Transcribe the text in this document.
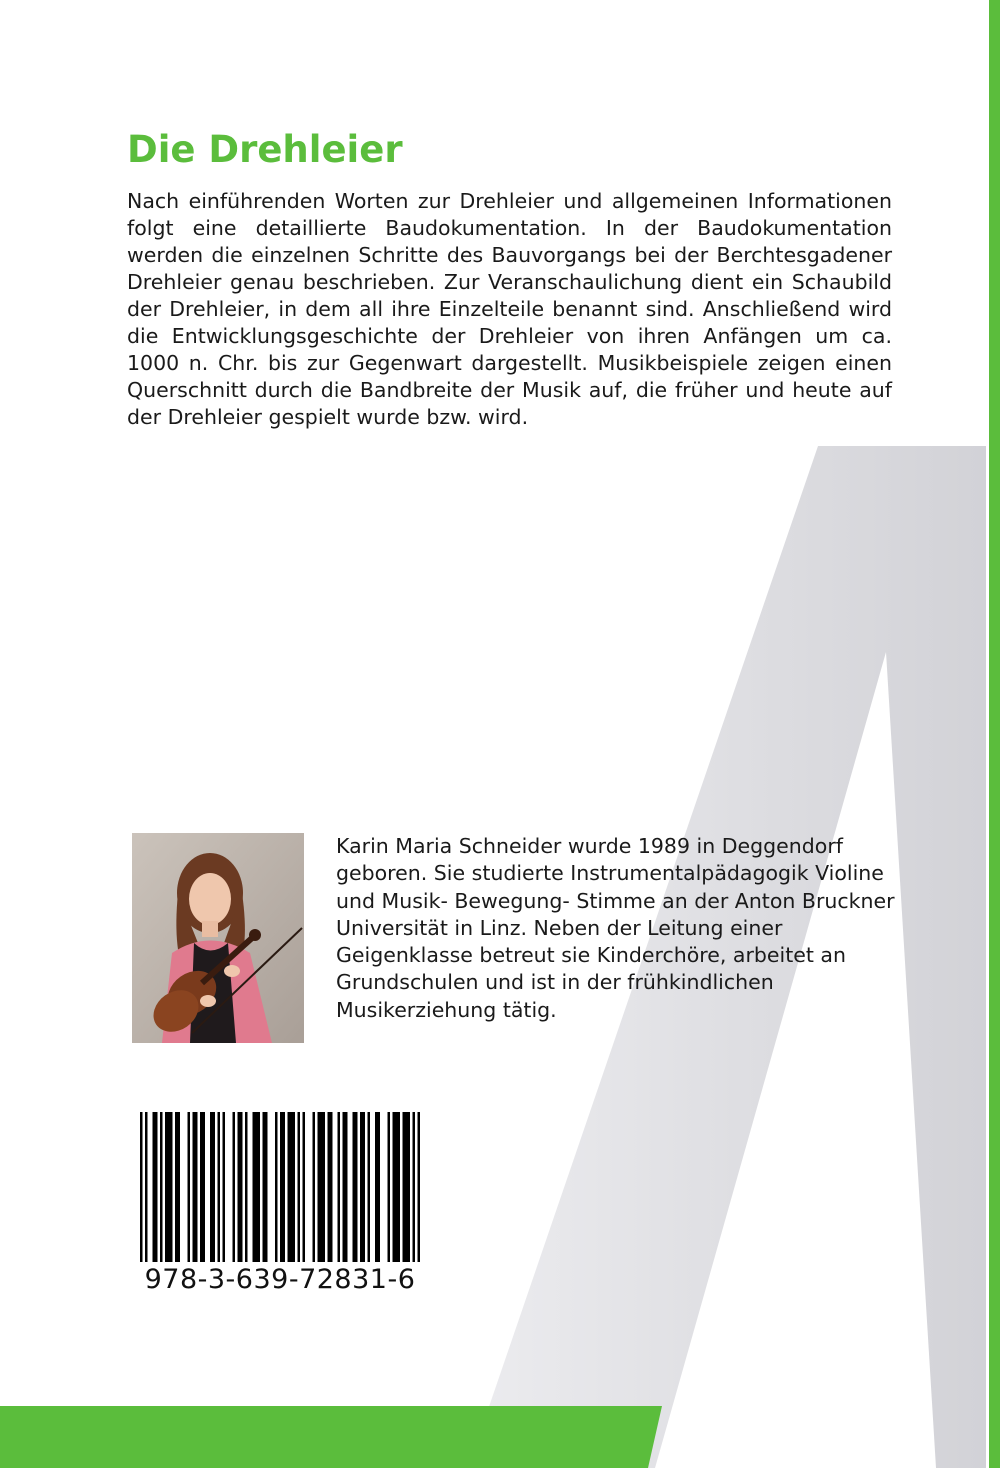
Die Drehleier

Nach einführenden Worten zur Drehleier und allgemeinen Informationen folgt eine detaillierte Baudokumentation. In der Baudokumentation werden die einzelnen Schritte des Bauvorgangs bei der Berchtesgadener Drehleier genau beschrieben. Zur Veranschaulichung dient ein Schaubild der Drehleier, in dem all ihre Einzelteile benannt sind. Anschließend wird die Entwicklungsgeschichte der Drehleier von ihren Anfängen um ca. 1000 n. Chr. bis zur Gegenwart dargestellt. Musikbeispiele zeigen einen Querschnitt durch die Bandbreite der Musik auf, die früher und heute auf der Drehleier gespielt wurde bzw. wird.

Karin Maria Schneider wurde 1989 in Deggendorf geboren. Sie studierte Instrumentalpädagogik Violine und Musik- Bewegung- Stimme an der Anton Bruckner Universität in Linz. Neben der Leitung einer Geigenklasse betreut sie Kinderchöre, arbeitet an Grundschulen und ist in der frühkindlichen Musikerziehung tätig.

978-3-639-72831-6
